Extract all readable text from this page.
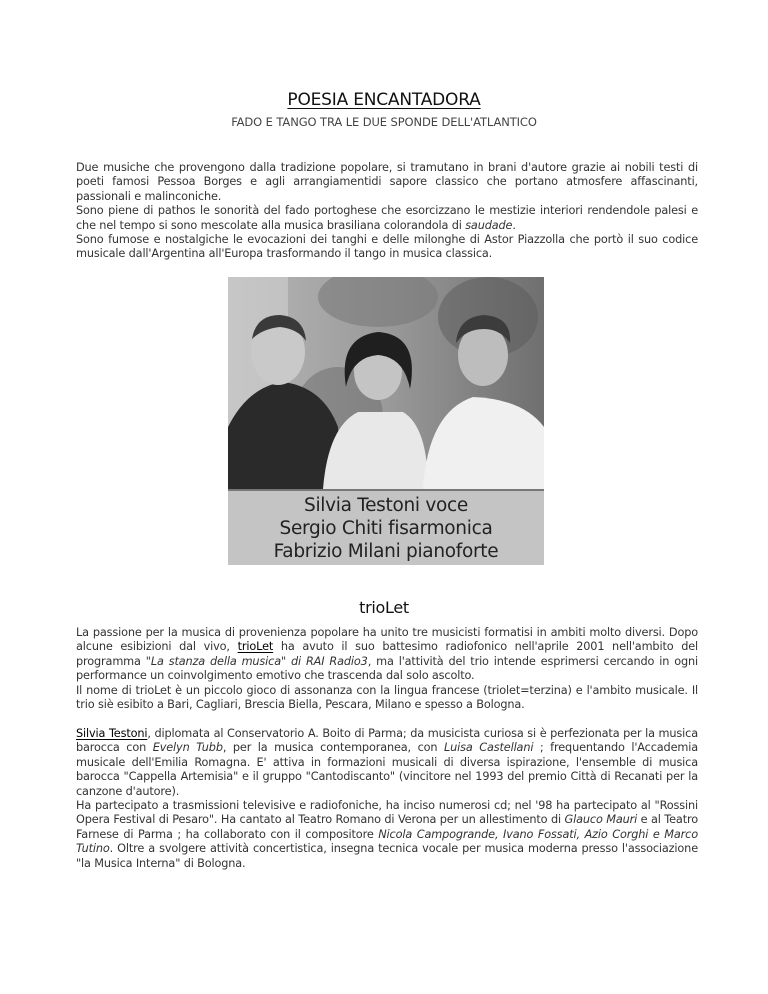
POESIA ENCANTADORA
FADO E TANGO TRA LE DUE SPONDE DELL'ATLANTICO
Due musiche che provengono dalla tradizione popolare, si tramutano in brani d'autore grazie ai nobili testi di poeti famosi Pessoa Borges e agli arrangiamentidi sapore classico che portano atmosfere affascinanti, passionali e malinconiche.
Sono piene di pathos le sonorità del fado portoghese che esorcizzano le mestizie interiori rendendole palesi e che nel tempo si sono mescolate alla musica brasiliana colorandola di saudade.
Sono fumose e nostalgiche le evocazioni dei tanghi e delle milonghe di Astor Piazzolla che portò il suo codice musicale dall'Argentina all'Europa trasformando il tango in musica classica.
Silvia Testoni voce
Sergio Chiti fisarmonica
Fabrizio Milani pianoforte
trioLet
La passione per la musica di provenienza popolare ha unito tre musicisti formatisi in ambiti molto diversi. Dopo alcune esibizioni dal vivo, trioLet ha avuto il suo battesimo radiofonico nell'aprile 2001 nell'ambito del programma "La stanza della musica" di RAI Radio3, ma l'attività del trio intende esprimersi cercando in ogni performance un coinvolgimento emotivo che trascenda dal solo ascolto.
Il nome di trioLet è un piccolo gioco di assonanza con la lingua francese (triolet=terzina) e l'ambito musicale. Il trio siè esibito a Bari, Cagliari, Brescia Biella, Pescara, Milano e spesso a Bologna.
Silvia Testoni, diplomata al Conservatorio A. Boito di Parma; da musicista curiosa si è perfezionata per la musica barocca con Evelyn Tubb, per la musica contemporanea, con Luisa Castellani ; frequentando l'Accademia musicale dell'Emilia Romagna. E' attiva in formazioni musicali di diversa ispirazione, l'ensemble di musica barocca "Cappella Artemisia" e il gruppo "Cantodiscanto" (vincitore nel 1993 del premio Città di Recanati per la canzone d'autore).
Ha partecipato a trasmissioni televisive e radiofoniche, ha inciso numerosi cd; nel '98 ha partecipato al "Rossini Opera Festival di Pesaro". Ha cantato al Teatro Romano di Verona per un allestimento di Glauco Mauri e al Teatro Farnese di Parma ; ha collaborato con il compositore Nicola Campogrande, Ivano Fossati, Azio Corghi e Marco Tutino. Oltre a svolgere attività concertistica, insegna tecnica vocale per musica moderna presso l'associazione "la Musica Interna" di Bologna.
